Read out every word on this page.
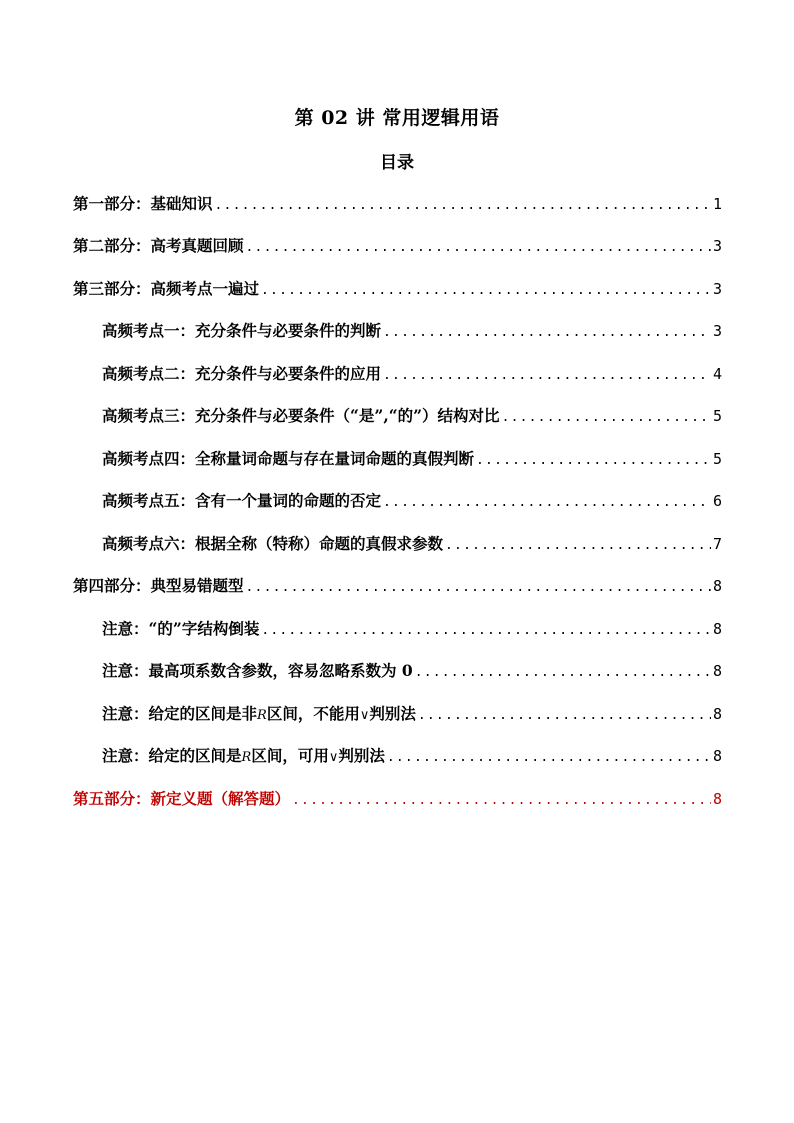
第 02 讲 常用逻辑用语
目录
第一部分：基础知识 .....	1
第二部分：高考真题回顾 .....	3
第三部分：高频考点一遍过 .....	3
高频考点一：充分条件与必要条件的判断 .....	3
高频考点二：充分条件与必要条件的应用 .....	4
高频考点三：充分条件与必要条件（“是”,“的”）结构对比 .....	5
高频考点四：全称量词命题与存在量词命题的真假判断 .....	5
高频考点五：含有一个量词的命题的否定 .....	6
高频考点六：根据全称（特称）命题的真假求参数 .....	7
第四部分：典型易错题型 .....	8
注意：“的”字结构倒装 .....	8
注意：最高项系数含参数，容易忽略系数为 0 .....	8
注意：给定的区间是非R区间，不能用∨判别法 .....	8
注意：给定的区间是R区间，可用∨判别法 .....	8
第五部分：新定义题（解答题） .....	8
